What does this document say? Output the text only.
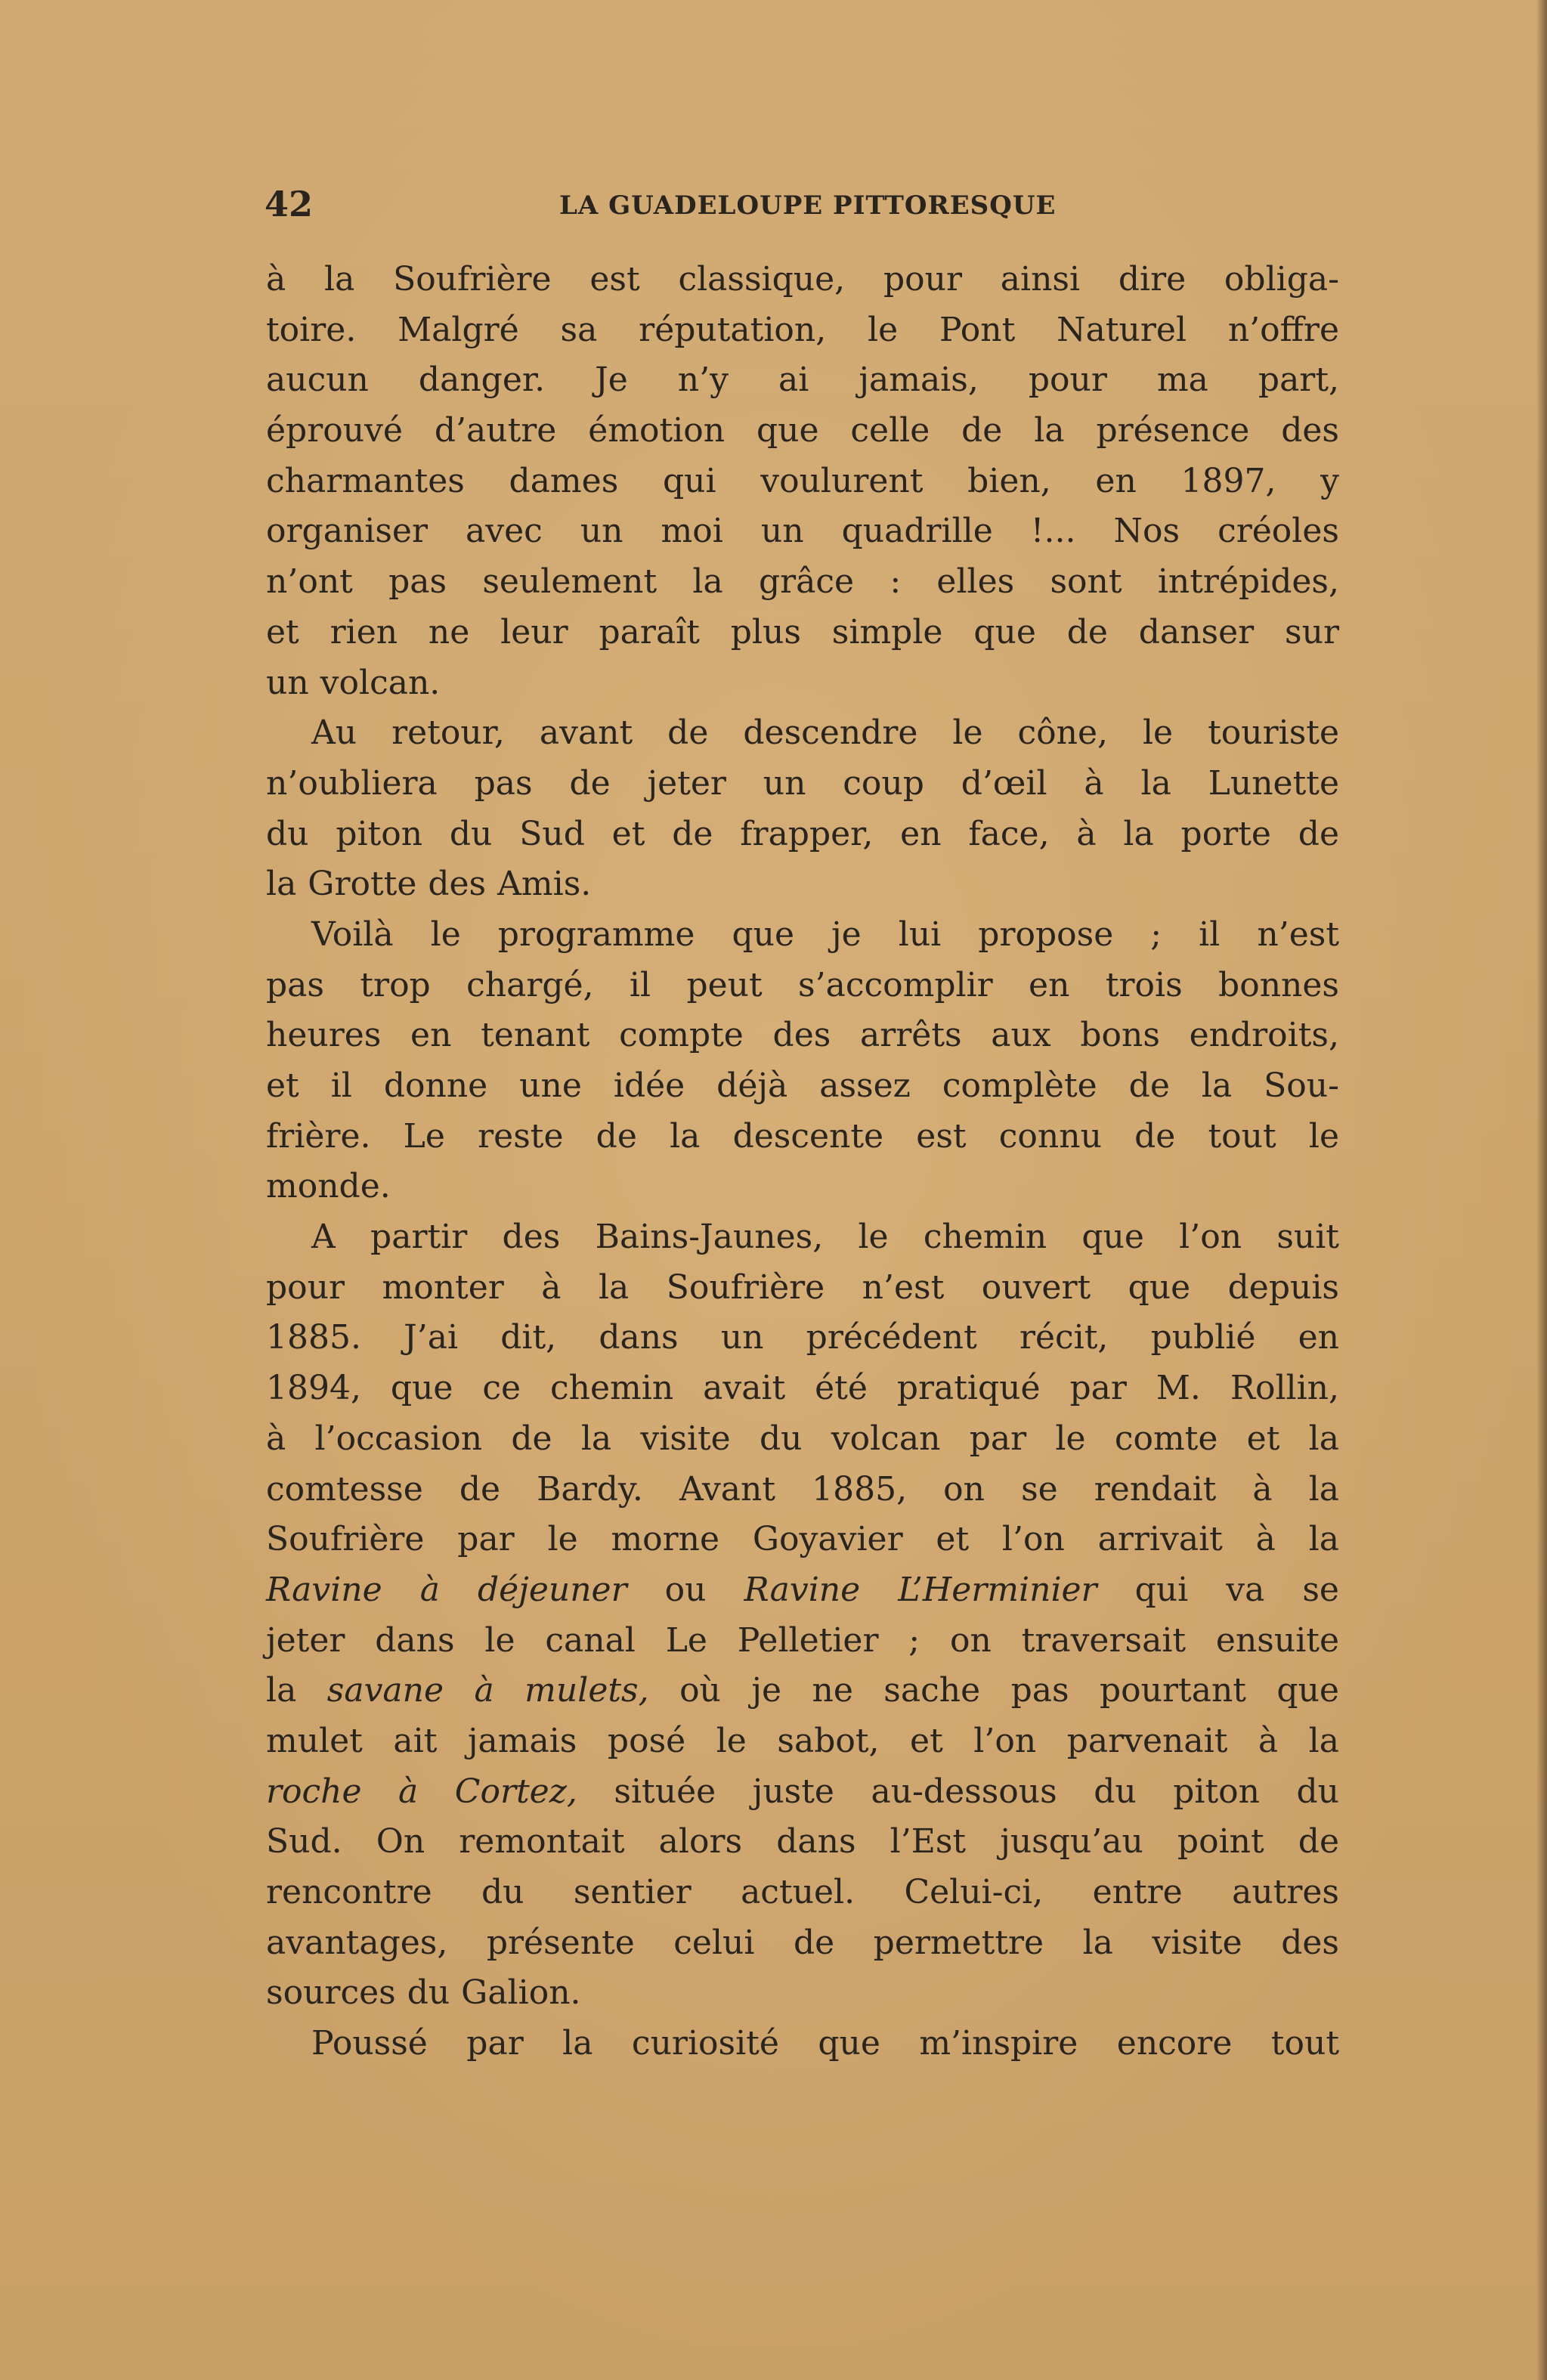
42	LA GUADELOUPE PITTORESQUE
à la Soufrière est classique, pour ainsi dire obliga-
toire. Malgré sa réputation, le Pont Naturel n’offre
aucun danger. Je n’y ai jamais, pour ma part,
éprouvé d’autre émotion que celle de la présence des
charmantes dames qui voulurent bien, en 1897, y
organiser avec un moi un quadrille !... Nos créoles
n’ont pas seulement la grâce : elles sont intrépides,
et rien ne leur paraît plus simple que de danser sur
un volcan.
Au retour, avant de descendre le cône, le touriste
n’oubliera pas de jeter un coup d’œil à la Lunette
du piton du Sud et de frapper, en face, à la porte de
la Grotte des Amis.
Voilà le programme que je lui propose ; il n’est
pas trop chargé, il peut s’accomplir en trois bonnes
heures en tenant compte des arrêts aux bons endroits,
et il donne une idée déjà assez complète de la Sou-
frière. Le reste de la descente est connu de tout le
monde.
A partir des Bains-Jaunes, le chemin que l’on suit
pour monter à la Soufrière n’est ouvert que depuis
1885. J’ai dit, dans un précédent récit, publié en
1894, que ce chemin avait été pratiqué par M. Rollin,
à l’occasion de la visite du volcan par le comte et la
comtesse de Bardy. Avant 1885, on se rendait à la
Soufrière par le morne Goyavier et l’on arrivait à la
Ravine à déjeuner ou Ravine L’Herminier qui va se
jeter dans le canal Le Pelletier ; on traversait ensuite
la savane à mulets, où je ne sache pas pourtant que
mulet ait jamais posé le sabot, et l’on parvenait à la
roche à Cortez, située juste au-dessous du piton du
Sud. On remontait alors dans l’Est jusqu’au point de
rencontre du sentier actuel. Celui-ci, entre autres
avantages, présente celui de permettre la visite des
sources du Galion.
Poussé par la curiosité que m’inspire encore tout
